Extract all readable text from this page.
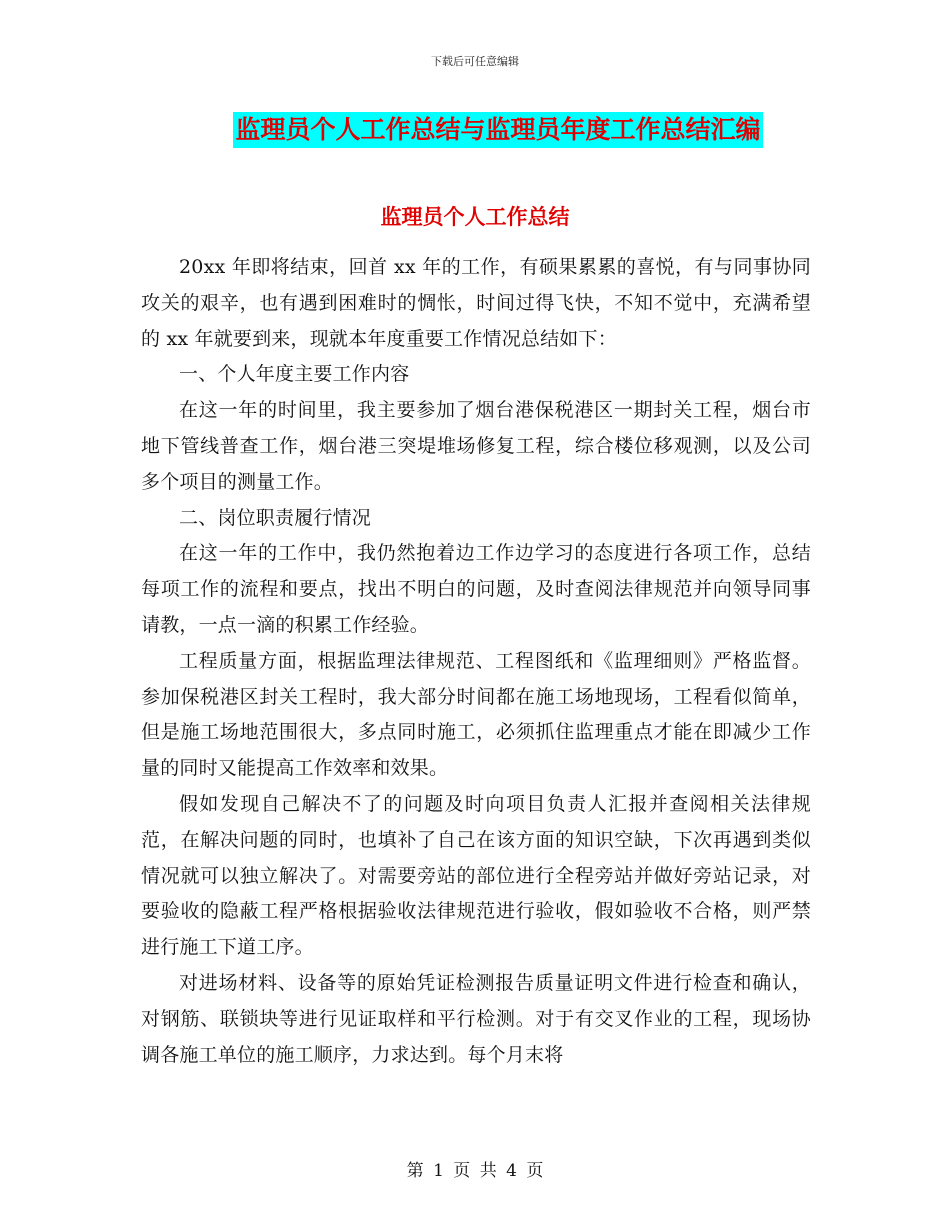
下载后可任意编辑
监理员个人工作总结与监理员年度工作总结汇编
监理员个人工作总结

20xx 年即将结束，回首 xx 年的工作，有硕果累累的喜悦，有与同事协同攻关的艰辛，也有遇到困难时的惆怅，时间过得飞快，不知不觉中，充满希望的 xx 年就要到来，现就本年度重要工作情况总结如下：

一、个人年度主要工作内容

在这一年的时间里，我主要参加了烟台港保税港区一期封关工程，烟台市地下管线普查工作，烟台港三突堤堆场修复工程，综合楼位移观测，以及公司多个项目的测量工作。

二、岗位职责履行情况

在这一年的工作中，我仍然抱着边工作边学习的态度进行各项工作，总结每项工作的流程和要点，找出不明白的问题，及时查阅法律规范并向领导同事请教，一点一滴的积累工作经验。

工程质量方面，根据监理法律规范、工程图纸和《监理细则》严格监督。参加保税港区封关工程时，我大部分时间都在施工场地现场，工程看似简单，但是施工场地范围很大，多点同时施工，必须抓住监理重点才能在即减少工作量的同时又能提高工作效率和效果。

假如发现自己解决不了的问题及时向项目负责人汇报并查阅相关法律规范，在解决问题的同时，也填补了自己在该方面的知识空缺，下次再遇到类似情况就可以独立解决了。对需要旁站的部位进行全程旁站并做好旁站记录，对要验收的隐蔽工程严格根据验收法律规范进行验收，假如验收不合格，则严禁进行施工下道工序。

对进场材料、设备等的原始凭证检测报告质量证明文件进行检查和确认，对钢筋、联锁块等进行见证取样和平行检测。对于有交叉作业的工程，现场协调各施工单位的施工顺序，力求达到。每个月末将

第 1 页 共 4 页
